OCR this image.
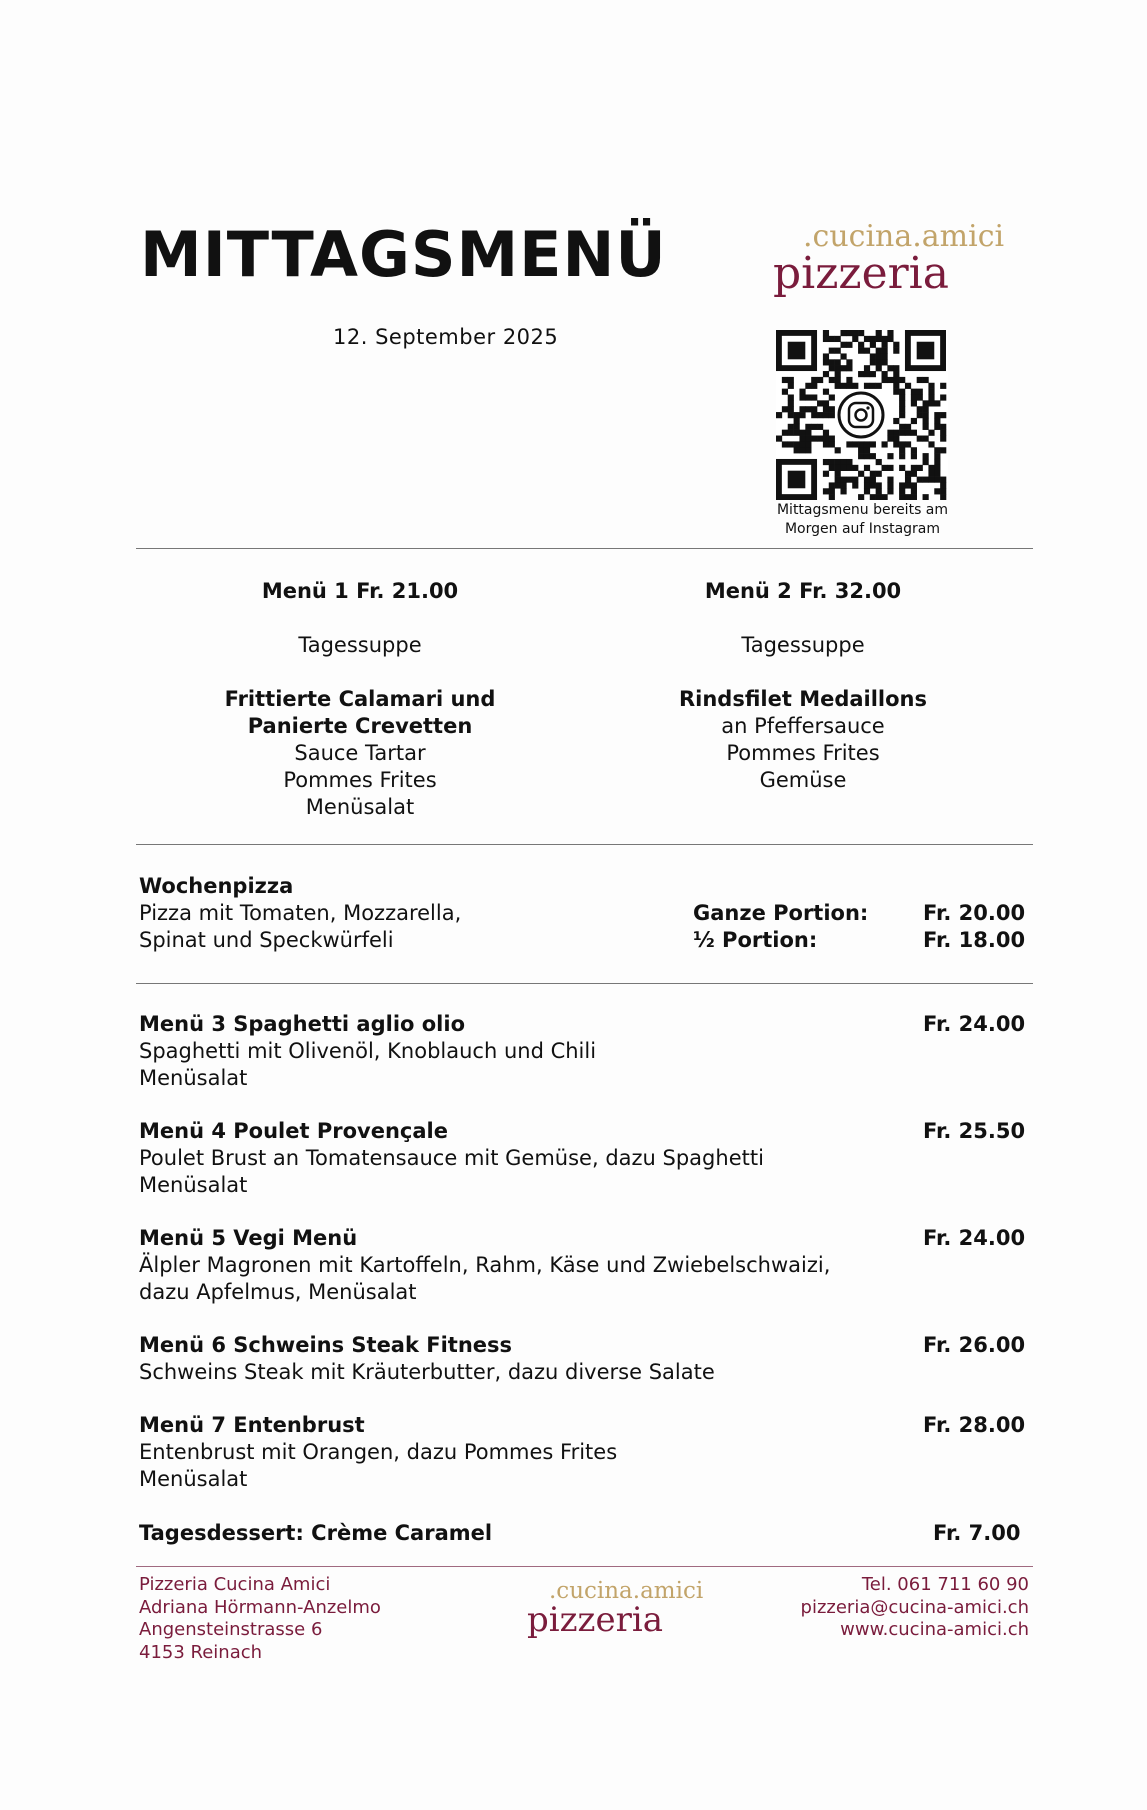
MITTAGSMENÜ
12. September 2025
.cucina.amici
pizzeria
Mittagsmenu bereits am
Morgen auf Instagram
Menü 1 Fr. 21.00
Tagessuppe
Frittierte Calamari und
Panierte Crevetten
Sauce Tartar
Pommes Frites
Menüsalat
Menü 2 Fr. 32.00
Tagessuppe
Rindsfilet Medaillons
an Pfeffersauce
Pommes Frites
Gemüse
Wochenpizza
Pizza mit Tomaten, Mozzarella,
Spinat und Speckwürfeli
Ganze Portion:
½ Portion:
Fr. 20.00
Fr. 18.00
Menü 3 Spaghetti aglio olio
Spaghetti mit Olivenöl, Knoblauch und Chili
Menüsalat
Fr. 24.00
Menü 4 Poulet Provençale
Poulet Brust an Tomatensauce mit Gemüse, dazu Spaghetti
Menüsalat
Fr. 25.50
Menü 5 Vegi Menü
Älpler Magronen mit Kartoffeln, Rahm, Käse und Zwiebelschwaizi,
dazu Apfelmus, Menüsalat
Fr. 24.00
Menü 6 Schweins Steak Fitness
Schweins Steak mit Kräuterbutter, dazu diverse Salate
Fr. 26.00
Menü 7 Entenbrust
Entenbrust mit Orangen, dazu Pommes Frites
Menüsalat
Fr. 28.00
Tagesdessert: Crème Caramel	Fr. 7.00
Pizzeria Cucina Amici
Adriana Hörmann-Anzelmo
Angensteinstrasse 6
4153 Reinach
.cucina.amici
pizzeria
Tel. 061 711 60 90
pizzeria@cucina-amici.ch
www.cucina-amici.ch
